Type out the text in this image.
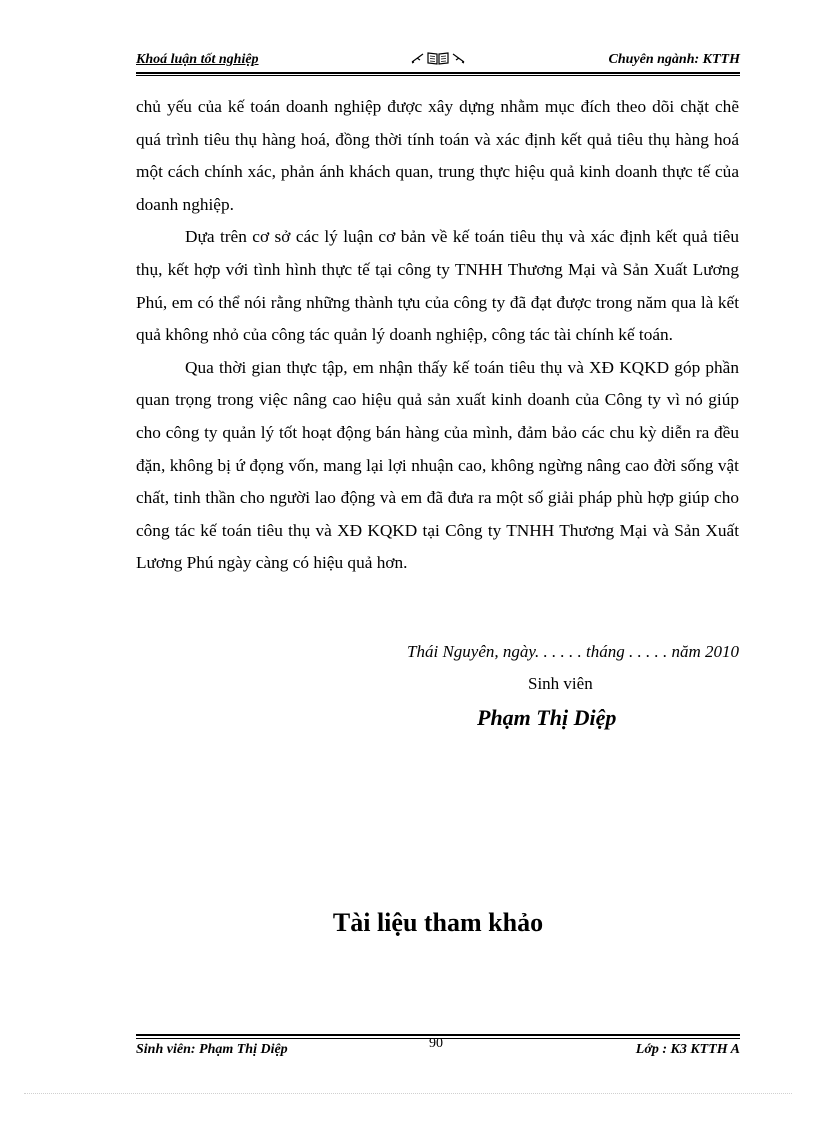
Khoá luận tốt nghiệp	Chuyên ngành: KTTH

chủ yếu của kế toán doanh nghiệp được xây dựng nhằm mục đích theo dõi chặt chẽ quá trình tiêu thụ hàng hoá, đồng thời tính toán và xác định kết quả tiêu thụ hàng hoá một cách chính xác, phản ánh khách quan, trung thực hiệu quả kinh doanh thực tế của doanh nghiệp.

Dựa trên cơ sở các lý luận cơ bản về kế toán tiêu thụ và xác định kết quả tiêu thụ, kết hợp với tình hình thực tế tại công ty TNHH Thương Mại và Sản Xuất Lương Phú, em có thể nói rằng những thành tựu của công ty đã đạt được trong năm qua là kết quả không nhỏ của công tác quản lý doanh nghiệp, công tác tài chính kế toán.

Qua thời gian thực tập, em nhận thấy kế toán tiêu thụ và XĐ KQKD góp phần quan trọng trong việc nâng cao hiệu quả sản xuất kinh doanh của Công ty vì nó giúp cho công ty quản lý tốt hoạt động bán hàng của mình, đảm bảo các chu kỳ diễn ra đều đặn, không bị ứ đọng vốn, mang lại lợi nhuận cao, không ngừng nâng cao đời sống vật chất, tinh thần cho người lao động và em đã đưa ra một số giải pháp phù hợp giúp cho công tác kế toán tiêu thụ và XĐ KQKD tại Công ty TNHH Thương Mại và Sản Xuất Lương Phú ngày càng có hiệu quả hơn.

Thái Nguyên, ngày. . . . . . tháng . . . . . năm 2010
Sinh viên
Phạm Thị Diệp
Tài liệu tham khảo
Sinh viên: Phạm Thị Diệp	90	Lớp : K3 KTTH A
